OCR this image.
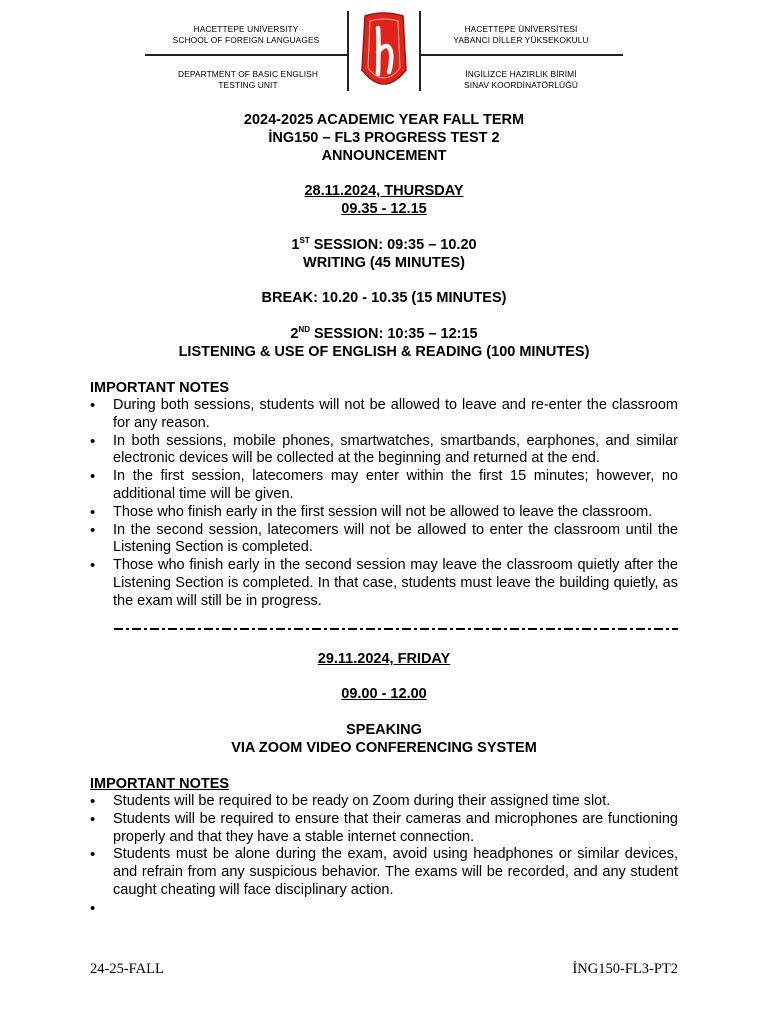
HACETTEPE UNIVERSITY
SCHOOL OF FOREIGN LANGUAGES
DEPARTMENT OF BASIC ENGLISH
TESTING UNIT
HACETTEPE ÜNİVERSİTESİ
YABANCI DİLLER YÜKSEKOKULU
İNGİLİZCE HAZIRLIK BİRİMİ
SINAV KOORDİNATÖRLÜĞÜ
2024-2025 ACADEMIC YEAR FALL TERM
İNG150 – FL3 PROGRESS TEST 2
ANNOUNCEMENT
28.11.2024, THURSDAY
09.35 - 12.15
1ST SESSION: 09:35 – 10.20
WRITING (45 MINUTES)
BREAK: 10.20 - 10.35 (15 MINUTES)
2ND SESSION: 10:35 – 12:15
LISTENING & USE OF ENGLISH & READING (100 MINUTES)
IMPORTANT NOTES
• During both sessions, students will not be allowed to leave and re-enter the classroom for any reason.
• In both sessions, mobile phones, smartwatches, smartbands, earphones, and similar electronic devices will be collected at the beginning and returned at the end.
• In the first session, latecomers may enter within the first 15 minutes; however, no additional time will be given.
• Those who finish early in the first session will not be allowed to leave the classroom.
• In the second session, latecomers will not be allowed to enter the classroom until the Listening Section is completed.
• Those who finish early in the second session may leave the classroom quietly after the Listening Section is completed. In that case, students must leave the building quietly, as the exam will still be in progress.
29.11.2024, FRIDAY
09.00 - 12.00
SPEAKING
VIA ZOOM VIDEO CONFERENCING SYSTEM
IMPORTANT NOTES
• Students will be required to be ready on Zoom during their assigned time slot.
• Students will be required to ensure that their cameras and microphones are functioning properly and that they have a stable internet connection.
• Students must be alone during the exam, avoid using headphones or similar devices, and refrain from any suspicious behavior. The exams will be recorded, and any student caught cheating will face disciplinary action.
•
24-25-FALL	İNG150-FL3-PT2
